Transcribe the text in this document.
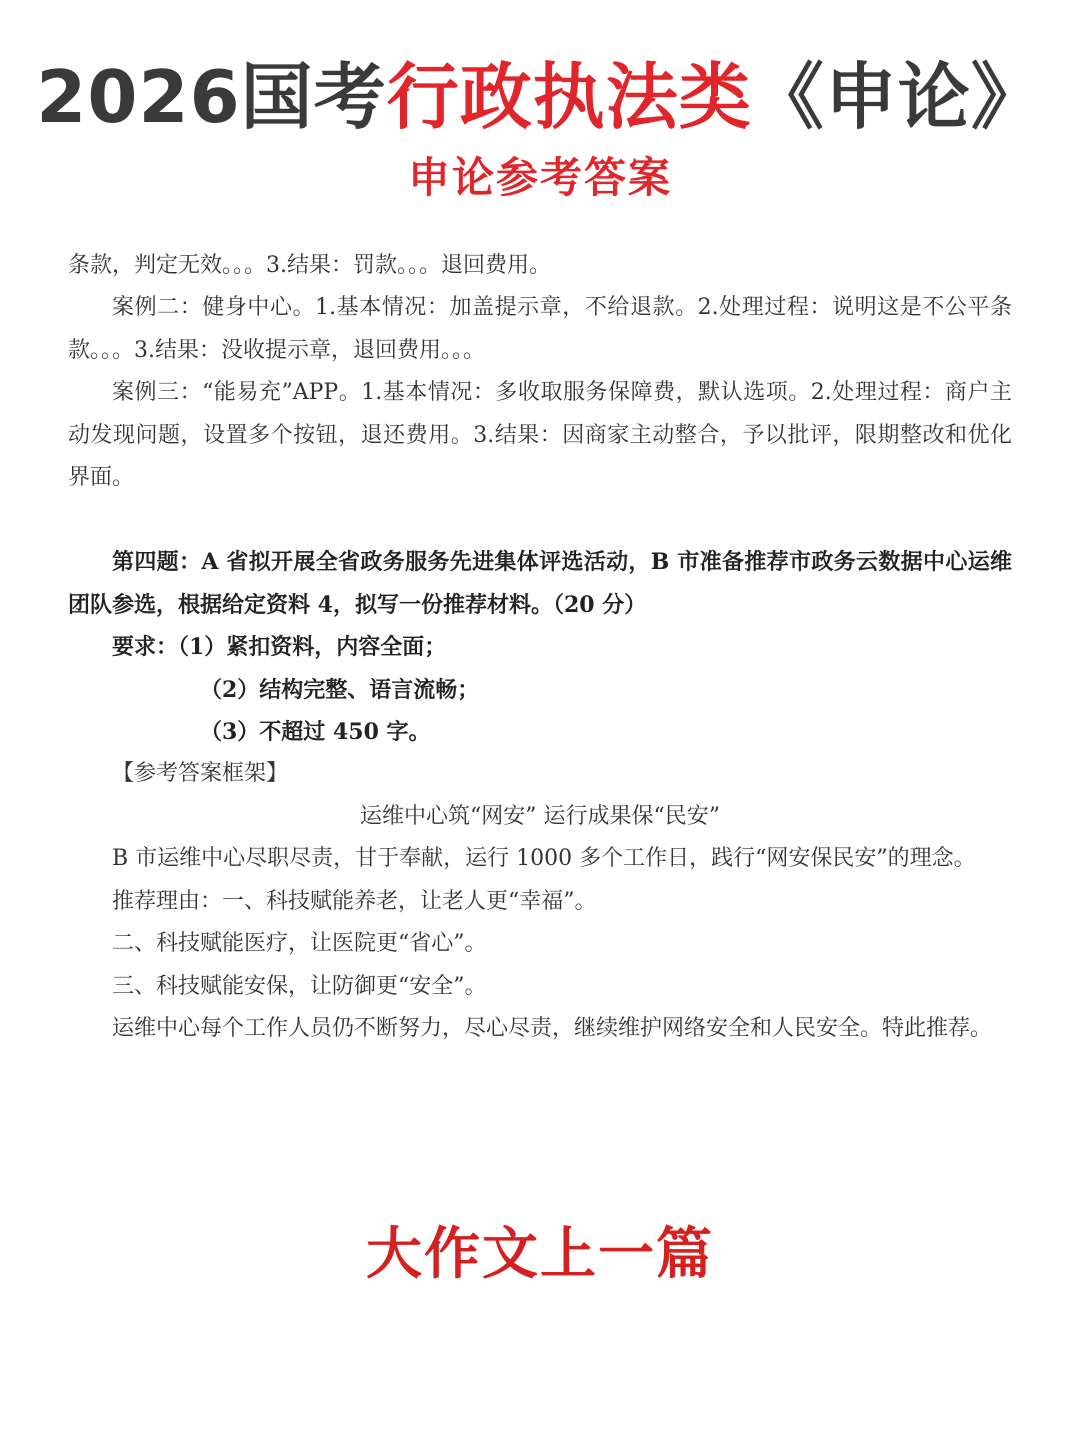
2026国考行政执法类《申论》
申论参考答案

条款，判定无效。。。3.结果：罚款。。。退回费用。

案例二：健身中心。1.基本情况：加盖提示章，不给退款。2.处理过程：说明这是不公平条款。。。3.结果：没收提示章，退回费用。。。

案例三：“能易充”APP。1.基本情况：多收取服务保障费，默认选项。2.处理过程：商户主动发现问题，设置多个按钮，退还费用。3.结果：因商家主动整合，予以批评，限期整改和优化界面。

第四题：A 省拟开展全省政务服务先进集体评选活动，B 市准备推荐市政务云数据中心运维团队参选，根据给定资料 4，拟写一份推荐材料。（20 分）

要求：（1）紧扣资料，内容全面；

（2）结构完整、语言流畅；

（3）不超过 450 字。

【参考答案框架】

运维中心筑“网安” 运行成果保“民安”

B 市运维中心尽职尽责，甘于奉献，运行 1000 多个工作日，践行“网安保民安”的理念。

推荐理由：一、科技赋能养老，让老人更“幸福”。

二、科技赋能医疗，让医院更“省心”。

三、科技赋能安保，让防御更“安全”。

运维中心每个工作人员仍不断努力，尽心尽责，继续维护网络安全和人民安全。特此推荐。

大作文上一篇
